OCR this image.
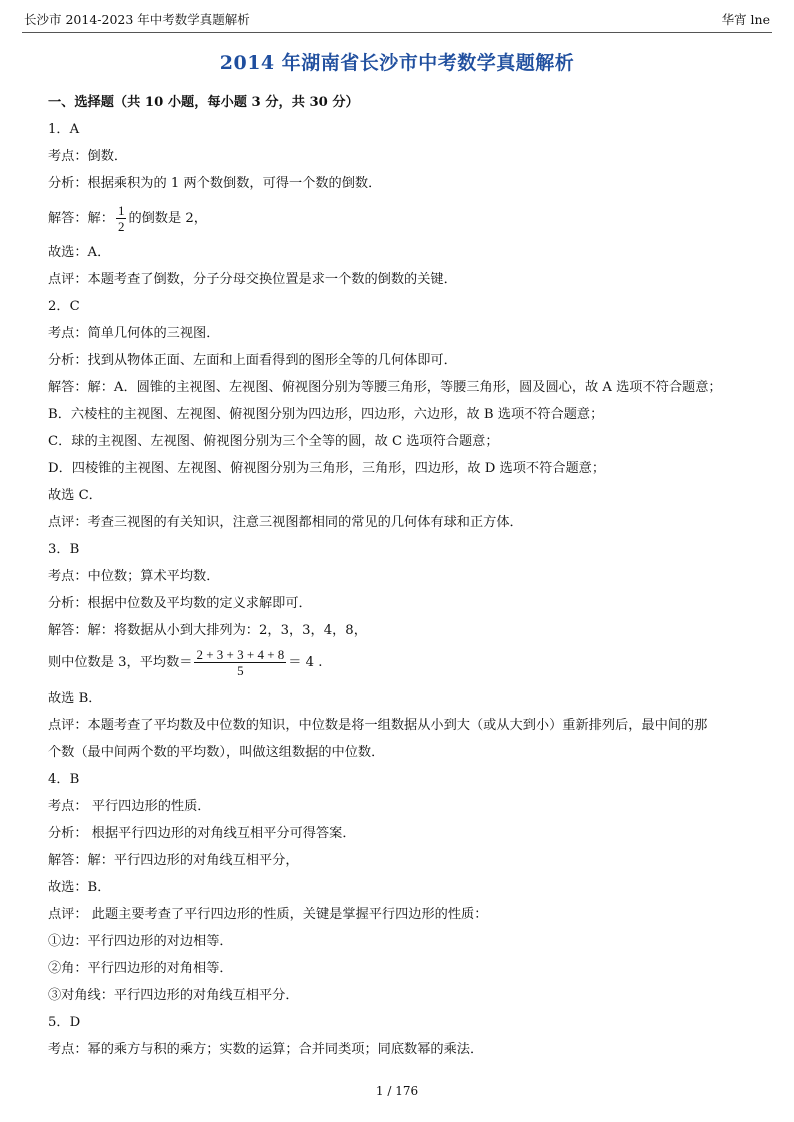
长沙市 2014-2023 年中考数学真题解析	华宵 lne
2014 年湖南省长沙市中考数学真题解析
一、选择题（共 10 小题，每小题 3 分，共 30 分）
1．A
考点：倒数．
分析：根据乘积为的 1 两个数倒数，可得一个数的倒数．
解答：解： $\frac{1}{2}$ 的倒数是 2，
故选：A．
点评：本题考查了倒数，分子分母交换位置是求一个数的倒数的关键．
2．C
考点：简单几何体的三视图．
分析：找到从物体正面、左面和上面看得到的图形全等的几何体即可．
解答：解：A．圆锥的主视图、左视图、俯视图分别为等腰三角形，等腰三角形，圆及圆心，故 A 选项不符合题意；
B．六棱柱的主视图、左视图、俯视图分别为四边形，四边形，六边形，故 B 选项不符合题意；
C．球的主视图、左视图、俯视图分别为三个全等的圆，故 C 选项符合题意；
D．四棱锥的主视图、左视图、俯视图分别为三角形，三角形，四边形，故 D 选项不符合题意；
故选 C．
点评：考查三视图的有关知识，注意三视图都相同的常见的几何体有球和正方体．
3．B
考点：中位数；算术平均数．
分析：根据中位数及平均数的定义求解即可．
解答：解：将数据从小到大排列为：2，3，3，4，8，
则中位数是 3，平均数＝ $\frac{2 + 3 + 3 + 4 + 8}{5} = 4$ .
故选 B．
点评：本题考查了平均数及中位数的知识，中位数是将一组数据从小到大（或从大到小）重新排列后，最中间的那
个数（最中间两个数的平均数），叫做这组数据的中位数．
4．B
考点： 平行四边形的性质．
分析： 根据平行四边形的对角线互相平分可得答案．
解答：解：平行四边形的对角线互相平分，
故选：B．
点评： 此题主要考查了平行四边形的性质，关键是掌握平行四边形的性质：
①边：平行四边形的对边相等．
②角：平行四边形的对角相等．
③对角线：平行四边形的对角线互相平分．
5．D
考点：幂的乘方与积的乘方；实数的运算；合并同类项；同底数幂的乘法．
1 / 176
